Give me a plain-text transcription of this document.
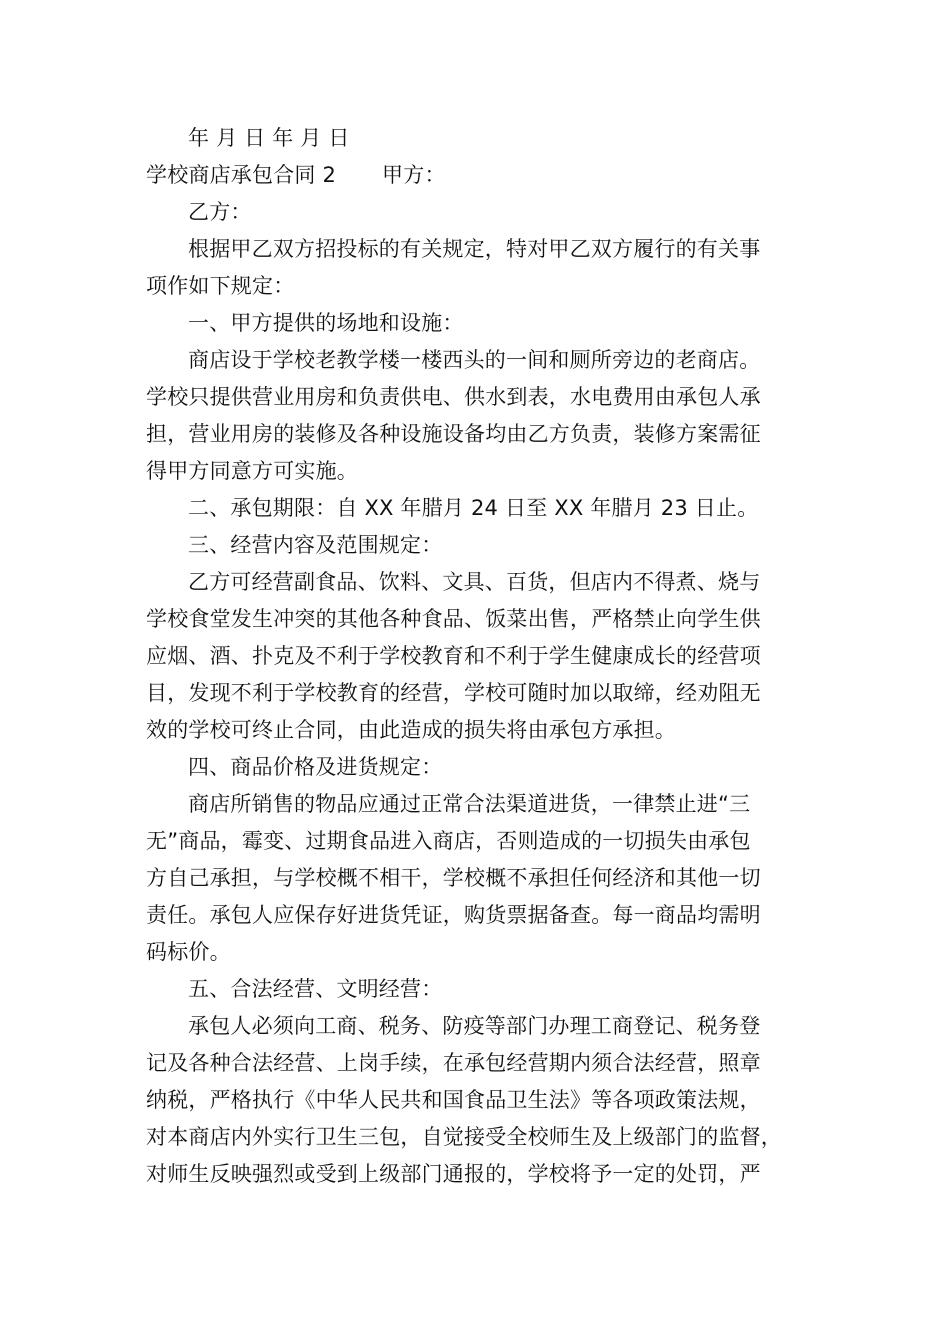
年 月 日 年 月 日
学校商店承包合同 2 甲方：
乙方：
根据甲乙双方招投标的有关规定，特对甲乙双方履行的有关事
项作如下规定：
一、甲方提供的场地和设施：
商店设于学校老教学楼一楼西头的一间和厕所旁边的老商店。
学校只提供营业用房和负责供电、供水到表，水电费用由承包人承
担，营业用房的装修及各种设施设备均由乙方负责，装修方案需征
得甲方同意方可实施。
二、承包期限：自 XX 年腊月 24 日至 XX 年腊月 23 日止。
三、经营内容及范围规定：
乙方可经营副食品、饮料、文具、百货，但店内不得煮、烧与
学校食堂发生冲突的其他各种食品、饭菜出售，严格禁止向学生供
应烟、酒、扑克及不利于学校教育和不利于学生健康成长的经营项
目，发现不利于学校教育的经营，学校可随时加以取缔，经劝阻无
效的学校可终止合同，由此造成的损失将由承包方承担。
四、商品价格及进货规定：
商店所销售的物品应通过正常合法渠道进货，一律禁止进“三
无”商品，霉变、过期食品进入商店，否则造成的一切损失由承包
方自己承担，与学校概不相干，学校概不承担任何经济和其他一切
责任。承包人应保存好进货凭证，购货票据备查。每一商品均需明
码标价。
五、合法经营、文明经营：
承包人必须向工商、税务、防疫等部门办理工商登记、税务登
记及各种合法经营、上岗手续，在承包经营期内须合法经营，照章
纳税，严格执行《中华人民共和国食品卫生法》等各项政策法规，
对本商店内外实行卫生三包，自觉接受全校师生及上级部门的监督，
对师生反映强烈或受到上级部门通报的，学校将予一定的处罚，严
